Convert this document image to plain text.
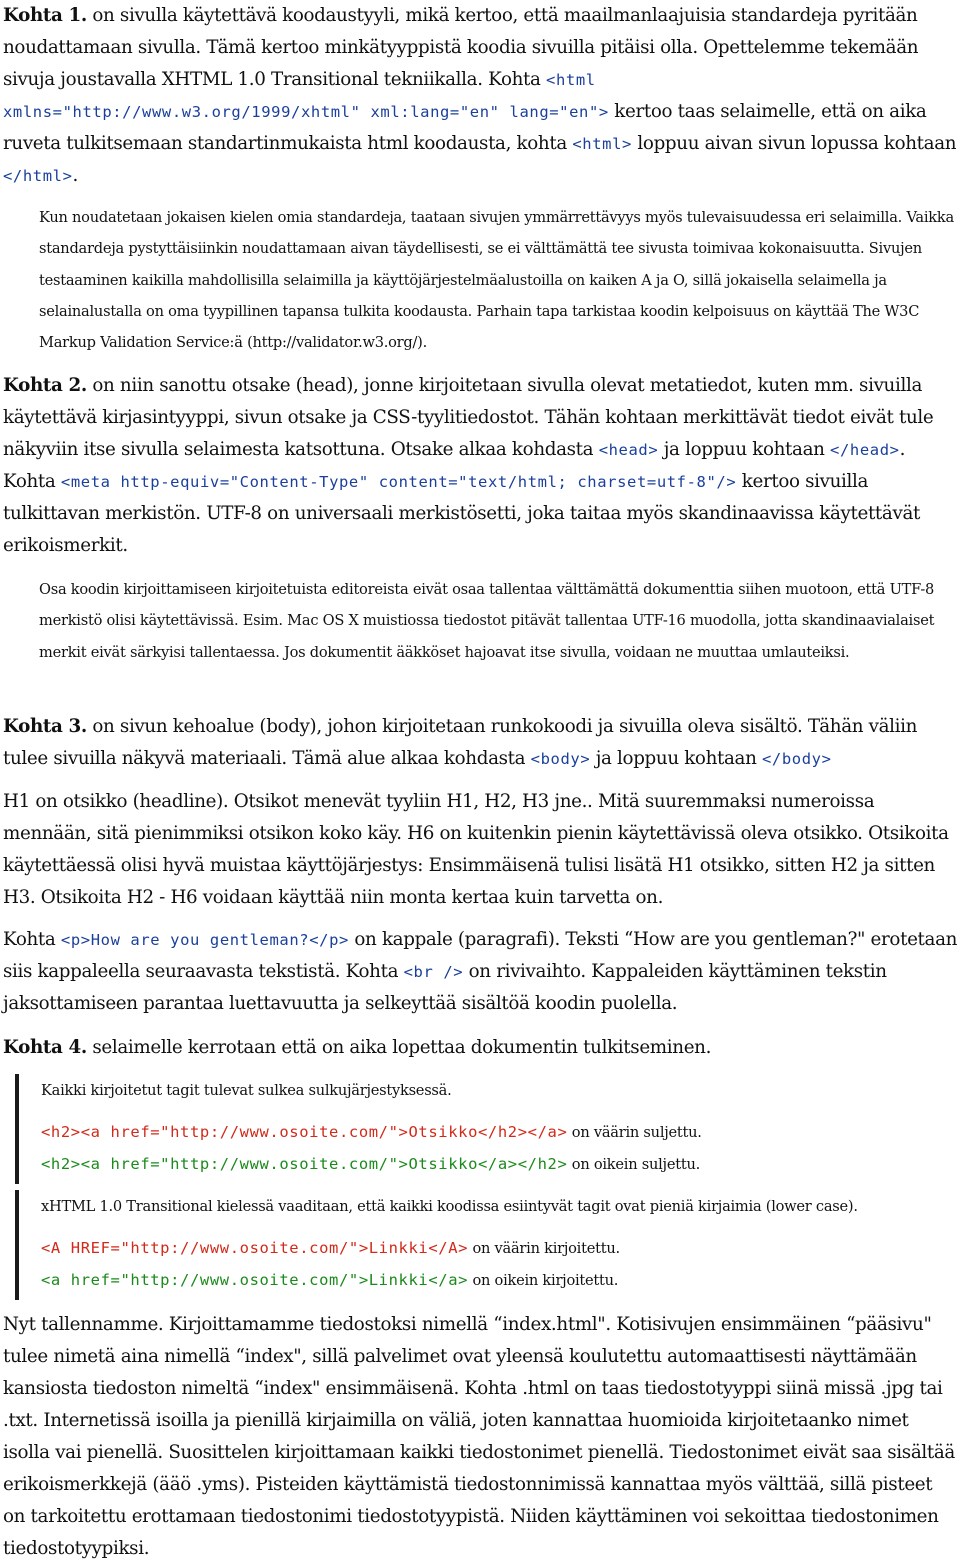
Kohta 1. on sivulla käytettävä koodaustyyli, mikä kertoo, että maailmanlaajuisia standardeja pyritään noudattamaan sivulla. Tämä kertoo minkätyyppistä koodia sivuilla pitäisi olla. Opettelemme tekemään sivuja joustavalla XHTML 1.0 Transitional tekniikalla. Kohta <html xmlns="http://www.w3.org/1999/xhtml" xml:lang="en" lang="en"> kertoo taas selaimelle, että on aika ruveta tulkitsemaan standartinmukaista html koodausta, kohta <html> loppuu aivan sivun lopussa kohtaan </html>.

Kun noudatetaan jokaisen kielen omia standardeja, taataan sivujen ymmärrettävyys myös tulevaisuudessa eri selaimilla. Vaikka standardeja pystyttäisiinkin noudattamaan aivan täydellisesti, se ei välttämättä tee sivusta toimivaa kokonaisuutta. Sivujen testaaminen kaikilla mahdollisilla selaimilla ja käyttöjärjestelmäalustoilla on kaiken A ja O, sillä jokaisella selaimella ja selainalustalla on oma tyypillinen tapansa tulkita koodausta. Parhain tapa tarkistaa koodin kelpoisuus on käyttää The W3C Markup Validation Service:ä (http://validator.w3.org/).

Kohta 2. on niin sanottu otsake (head), jonne kirjoitetaan sivulla olevat metatiedot, kuten mm. sivuilla käytettävä kirjasintyyppi, sivun otsake ja CSS-tyylitiedostot. Tähän kohtaan merkittävät tiedot eivät tule näkyviin itse sivulla selaimesta katsottuna. Otsake alkaa kohdasta <head> ja loppuu kohtaan </head>. Kohta <meta http-equiv="Content-Type" content="text/html; charset=utf-8"/> kertoo sivuilla tulkittavan merkistön. UTF-8 on universaali merkistösetti, joka taitaa myös skandinaavissa käytettävät erikoismerkit.

Osa koodin kirjoittamiseen kirjoitetuista editoreista eivät osaa tallentaa välttämättä dokumenttia siihen muotoon, että UTF-8 merkistö olisi käytettävissä. Esim. Mac OS X muistiossa tiedostot pitävät tallentaa UTF-16 muodolla, jotta skandinaavialaiset merkit eivät särkyisi tallentaessa. Jos dokumentit ääkköset hajoavat itse sivulla, voidaan ne muuttaa umlauteiksi.

Kohta 3. on sivun kehoalue (body), johon kirjoitetaan runkokoodi ja sivuilla oleva sisältö. Tähän väliin tulee sivuilla näkyvä materiaali. Tämä alue alkaa kohdasta <body> ja loppuu kohtaan </body>

H1 on otsikko (headline). Otsikot menevät tyyliin H1, H2, H3 jne.. Mitä suuremmaksi numeroissa mennään, sitä pienimmiksi otsikon koko käy. H6 on kuitenkin pienin käytettävissä oleva otsikko. Otsikoita käytettäessä olisi hyvä muistaa käyttöjärjestys: Ensimmäisenä tulisi lisätä H1 otsikko, sitten H2 ja sitten H3. Otsikoita H2 - H6 voidaan käyttää niin monta kertaa kuin tarvetta on.

Kohta <p>How are you gentleman?</p> on kappale (paragrafi). Teksti “How are you gentleman?" erotetaan siis kappaleella seuraavasta tekstistä. Kohta <br /> on rivivaihto. Kappaleiden käyttäminen tekstin jaksottamiseen parantaa luettavuutta ja selkeyttää sisältöä koodin puolella.

Kohta 4. selaimelle kerrotaan että on aika lopettaa dokumentin tulkitseminen.

Kaikki kirjoitetut tagit tulevat sulkea sulkujärjestyksessä.

<h2><a href="http://www.osoite.com/">Otsikko</h2></a> on väärin suljettu.

<h2><a href="http://www.osoite.com/">Otsikko</a></h2> on oikein suljettu.

xHTML 1.0 Transitional kielessä vaaditaan, että kaikki koodissa esiintyvät tagit ovat pieniä kirjaimia (lower case).

<A HREF="http://www.osoite.com/">Linkki</A> on väärin kirjoitettu.

<a href="http://www.osoite.com/">Linkki</a> on oikein kirjoitettu.

Nyt tallennamme. Kirjoittamamme tiedostoksi nimellä “index.html". Kotisivujen ensimmäinen “pääsivu" tulee nimetä aina nimellä “index", sillä palvelimet ovat yleensä koulutettu automaattisesti näyttämään kansiosta tiedoston nimeltä “index" ensimmäisenä. Kohta .html on taas tiedostotyyppi siinä missä .jpg tai .txt. Internetissä isoilla ja pienillä kirjaimilla on väliä, joten kannattaa huomioida kirjoitetaanko nimet isolla vai pienellä. Suosittelen kirjoittamaan kaikki tiedostonimet pienellä. Tiedostonimet eivät saa sisältää erikoismerkkejä (ääö .yms). Pisteiden käyttämistä tiedostonnimissä kannattaa myös välttää, sillä pisteet on tarkoitettu erottamaan tiedostonimi tiedostotyypistä. Niiden käyttäminen voi sekoittaa tiedostonimen tiedostotyypiksi.
